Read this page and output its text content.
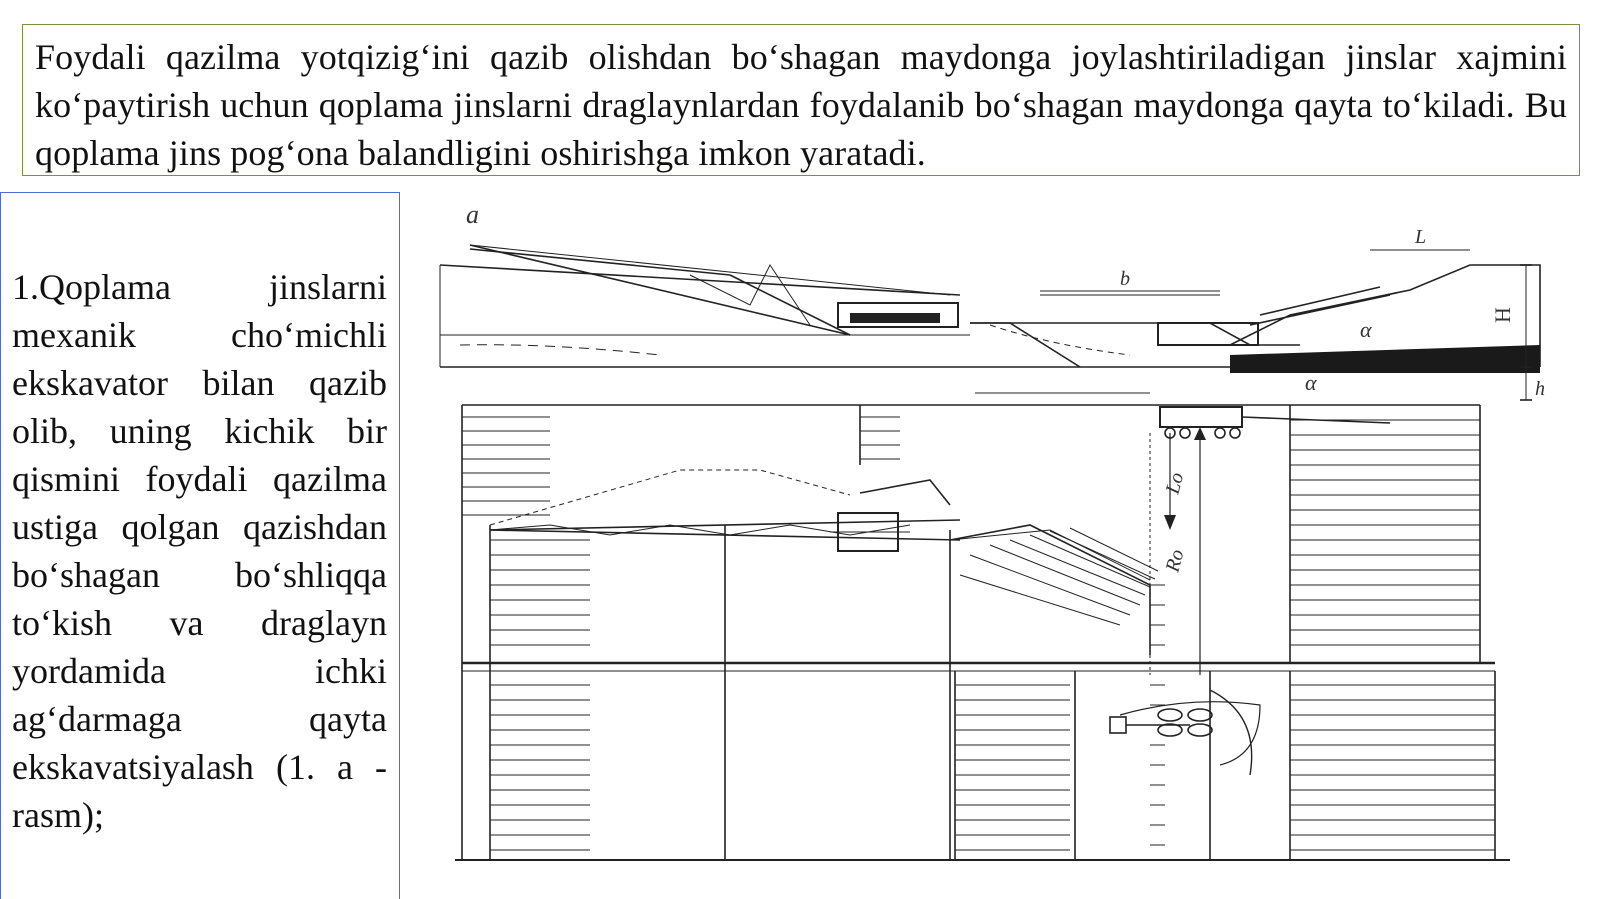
Foydali qazilma yotqizig‘ini qazib olishdan bo‘shagan maydonga joylashtiriladigan jinslar xajmini ko‘paytirish uchun qoplama jinslarni draglaynlardan foydalanib bo‘shagan maydonga qayta to‘kiladi. Bu qoplama jins pog‘ona balandligini oshirishga imkon yaratadi.
1.Qoplama jinslarni mexanik cho‘michli ekskavator bilan qazib olib, uning kichik bir qismini foydali qazilma ustiga qolgan qazishdan bo‘shagan bo‘shliqqa to‘kish va draglayn yordamida ichki ag‘darmaga qayta ekskavatsiyalash (1. a - rasm);
a
H
h
α
α
L
b
Lo
Ro
